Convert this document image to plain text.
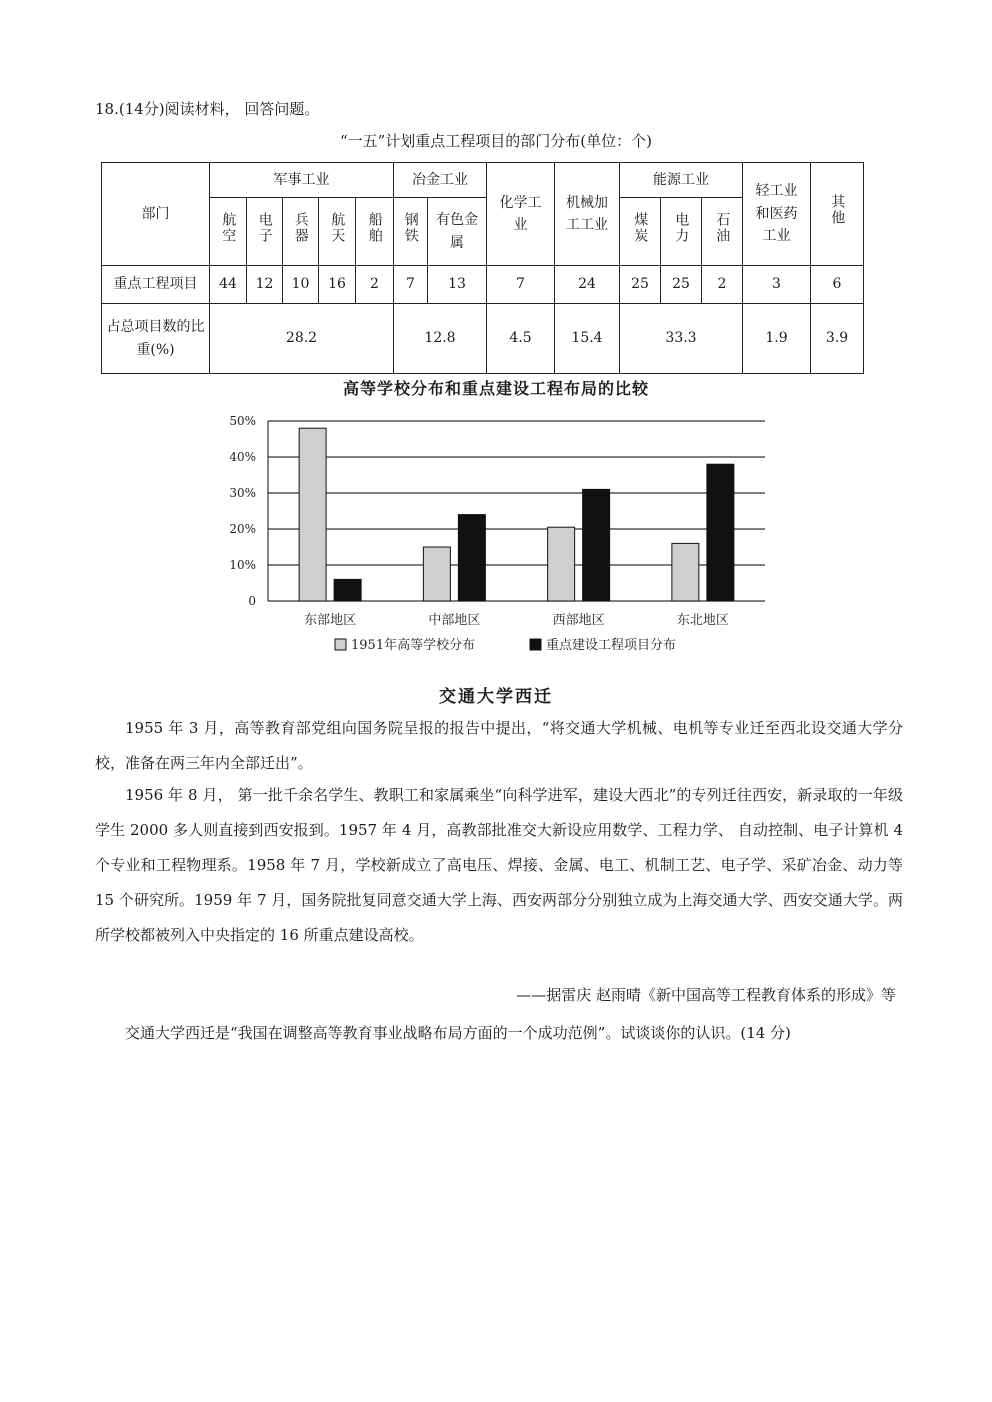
18.(14分)阅读材料， 回答问题。
“一五”计划重点工程项目的部门分布(单位：个)
部门	军事工业					冶金工业		化学工业	机械加工工业	能源工业			轻工业和医药工业	其他
	航空	电子	兵器	航天	船舶	钢铁	有色金属			煤炭	电力	石油		
重点工程项目	44	12	10	16	2	7	13	7	24	25	25	2	3	6
占总项目数的比重(%)	28.2					12.8		4.5	15.4	33.3			1.9	3.9
高等学校分布和重点建设工程布局的比较
0
10%
20%
30%
40%
50%
东部地区	中部地区	西部地区	东北地区
1951年高等学校分布	重点建设工程项目分布
交通大学西迁
1955 年 3 月，高等教育部党组向国务院呈报的报告中提出，“将交通大学机械、电机等专业迁至西北设交通大学分校，准备在两三年内全部迁出”。
1956 年 8 月， 第一批千余名学生、教职工和家属乘坐“向科学进军，建设大西北”的专列迁往西安，新录取的一年级学生 2000 多人则直接到西安报到。1957 年 4 月，高教部批准交大新设应用数学、工程力学、 自动控制、电子计算机 4 个专业和工程物理系。1958 年 7 月，学校新成立了高电压、焊接、金属、电工、机制工艺、电子学、采矿冶金、动力等 15 个研究所。1959 年 7 月，国务院批复同意交通大学上海、西安两部分分别独立成为上海交通大学、西安交通大学。两所学校都被列入中央指定的 16 所重点建设高校。
——据雷庆 赵雨晴《新中国高等工程教育体系的形成》等
交通大学西迁是“我国在调整高等教育事业战略布局方面的一个成功范例”。试谈谈你的认识。(14 分)
